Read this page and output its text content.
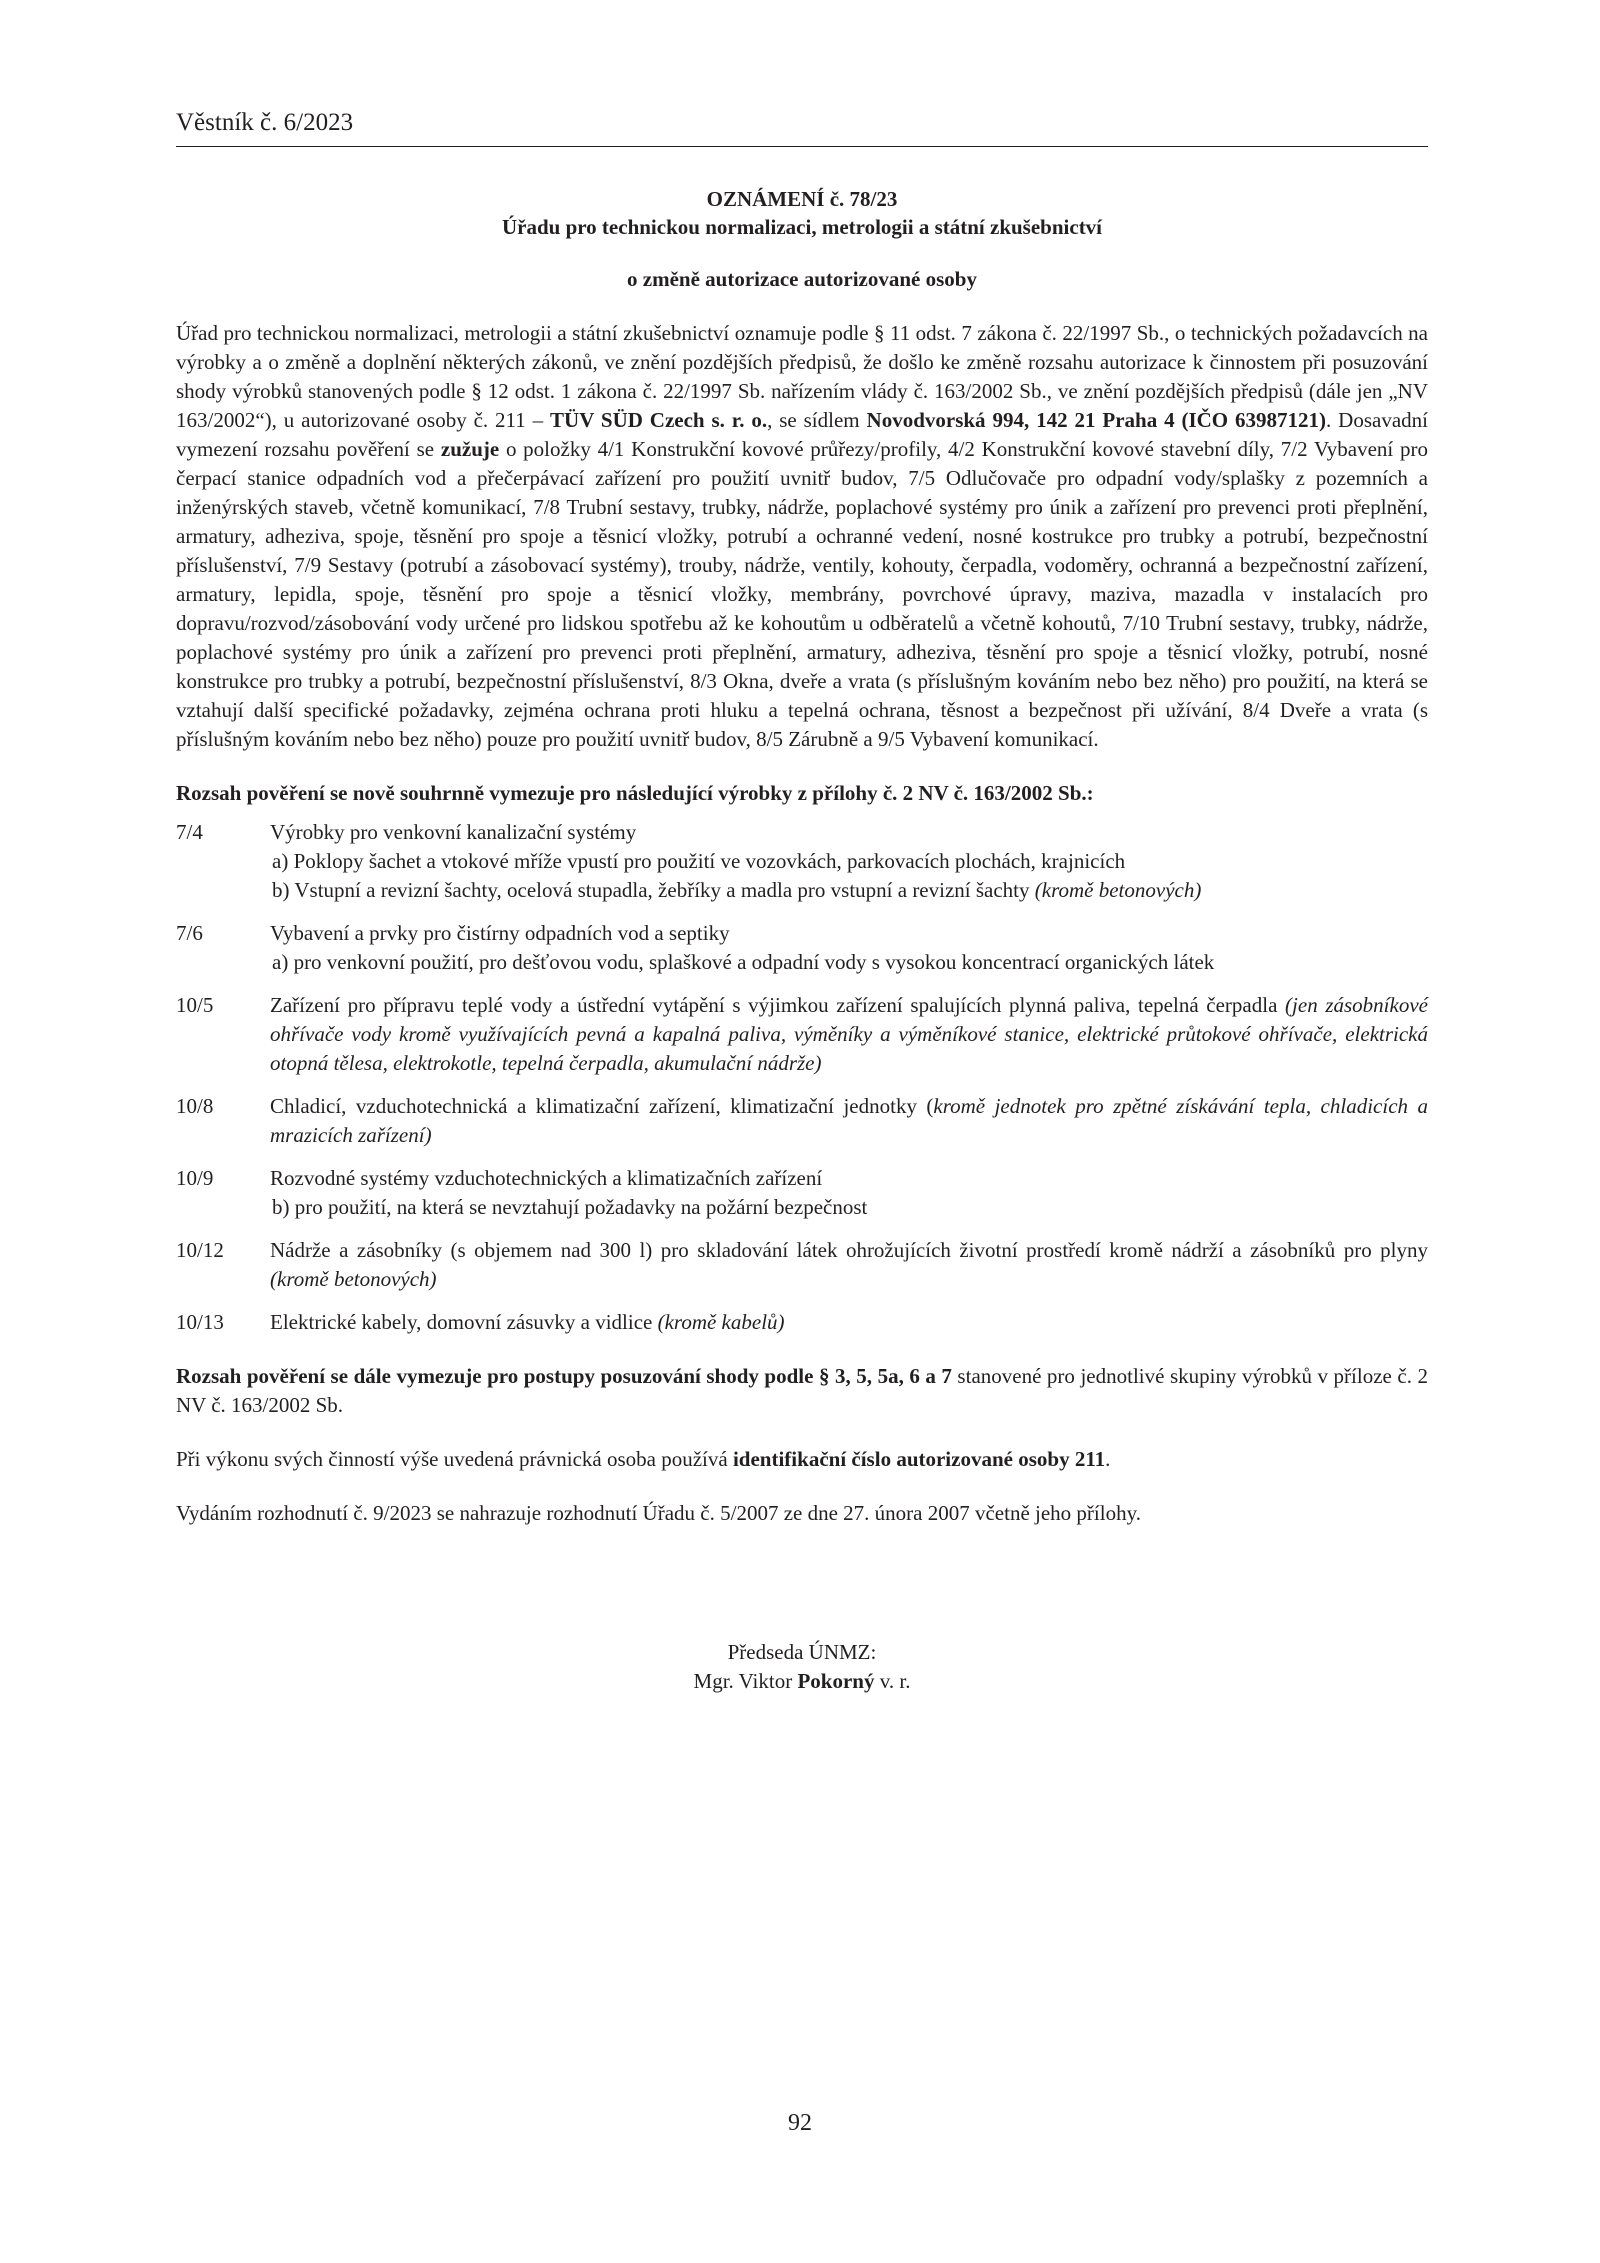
Věstník č. 6/2023
OZNÁMENÍ č. 78/23
Úřadu pro technickou normalizaci, metrologii a státní zkušebnictví
o změně autorizace autorizované osoby

Úřad pro technickou normalizaci, metrologii a státní zkušebnictví oznamuje podle § 11 odst. 7 zákona č. 22/1997 Sb., o technických požadavcích na výrobky a o změně a doplnění některých zákonů, ve znění pozdějších předpisů, že došlo ke změně rozsahu autorizace k činnostem při posuzování shody výrobků stanovených podle § 12 odst. 1 zákona č. 22/1997 Sb. nařízením vlády č. 163/2002 Sb., ve znění pozdějších předpisů (dále jen „NV 163/2002“), u autorizované osoby č. 211 – TÜV SÜD Czech s. r. o., se sídlem Novodvorská 994, 142 21 Praha 4 (IČO 63987121). Dosavadní vymezení rozsahu pověření se zužuje o položky 4/1 Konstrukční kovové průřezy/profily, 4/2 Konstrukční kovové stavební díly, 7/2 Vybavení pro čerpací stanice odpadních vod a přečerpávací zařízení pro použití uvnitř budov, 7/5 Odlučovače pro odpadní vody/splašky z pozemních a inženýrských staveb, včetně komunikací, 7/8 Trubní sestavy, trubky, nádrže, poplachové systémy pro únik a zařízení pro prevenci proti přeplnění, armatury, adheziva, spoje, těsnění pro spoje a těsnicí vložky, potrubí a ochranné vedení, nosné kostrukce pro trubky a potrubí, bezpečnostní příslušenství, 7/9 Sestavy (potrubí a zásobovací systémy), trouby, nádrže, ventily, kohouty, čerpadla, vodoměry, ochranná a bezpečnostní zařízení, armatury, lepidla, spoje, těsnění pro spoje a těsnicí vložky, membrány, povrchové úpravy, maziva, mazadla v instalacích pro dopravu/rozvod/zásobování vody určené pro lidskou spotřebu až ke kohoutům u odběratelů a včetně kohoutů, 7/10 Trubní sestavy, trubky, nádrže, poplachové systémy pro únik a zařízení pro prevenci proti přeplnění, armatury, adheziva, těsnění pro spoje a těsnicí vložky, potrubí, nosné konstrukce pro trubky a potrubí, bezpečnostní příslušenství, 8/3 Okna, dveře a vrata (s příslušným kováním nebo bez něho) pro použití, na která se vztahují další specifické požadavky, zejména ochrana proti hluku a tepelná ochrana, těsnost a bezpečnost při užívání, 8/4 Dveře a vrata (s příslušným kováním nebo bez něho) pouze pro použití uvnitř budov, 8/5 Zárubně a 9/5 Vybavení komunikací.

Rozsah pověření se nově souhrnně vymezuje pro následující výrobky z přílohy č. 2 NV č. 163/2002 Sb.:

7/4	Výrobky pro venkovní kanalizační systémy
a) Poklopy šachet a vtokové mříže vpustí pro použití ve vozovkách, parkovacích plochách, krajnicích
b) Vstupní a revizní šachty, ocelová stupadla, žebříky a madla pro vstupní a revizní šachty (kromě betonových)
7/6	Vybavení a prvky pro čistírny odpadních vod a septiky
a) pro venkovní použití, pro dešťovou vodu, splaškové a odpadní vody s vysokou koncentrací organických látek
10/5	Zařízení pro přípravu teplé vody a ústřední vytápění s výjimkou zařízení spalujících plynná paliva, tepelná čerpadla (jen zásobníkové ohřívače vody kromě využívajících pevná a kapalná paliva, výměníky a výměníkové stanice, elektrické průtokové ohřívače, elektrická otopná tělesa, elektrokotle, tepelná čerpadla, akumulační nádrže)
10/8	Chladicí, vzduchotechnická a klimatizační zařízení, klimatizační jednotky (kromě jednotek pro zpětné získávání tepla, chladicích a mrazicích zařízení)
10/9	Rozvodné systémy vzduchotechnických a klimatizačních zařízení
b) pro použití, na která se nevztahují požadavky na požární bezpečnost
10/12	Nádrže a zásobníky (s objemem nad 300 l) pro skladování látek ohrožujících životní prostředí kromě nádrží a zásobníků pro plyny (kromě betonových)
10/13	Elektrické kabely, domovní zásuvky a vidlice (kromě kabelů)

Rozsah pověření se dále vymezuje pro postupy posuzování shody podle § 3, 5, 5a, 6 a 7 stanovené pro jednotlivé skupiny výrobků v příloze č. 2 NV č. 163/2002 Sb.

Při výkonu svých činností výše uvedená právnická osoba používá identifikační číslo autorizované osoby 211.

Vydáním rozhodnutí č. 9/2023 se nahrazuje rozhodnutí Úřadu č. 5/2007 ze dne 27. února 2007 včetně jeho přílohy.

Předseda ÚNMZ:
Mgr. Viktor Pokorný v. r.
92
